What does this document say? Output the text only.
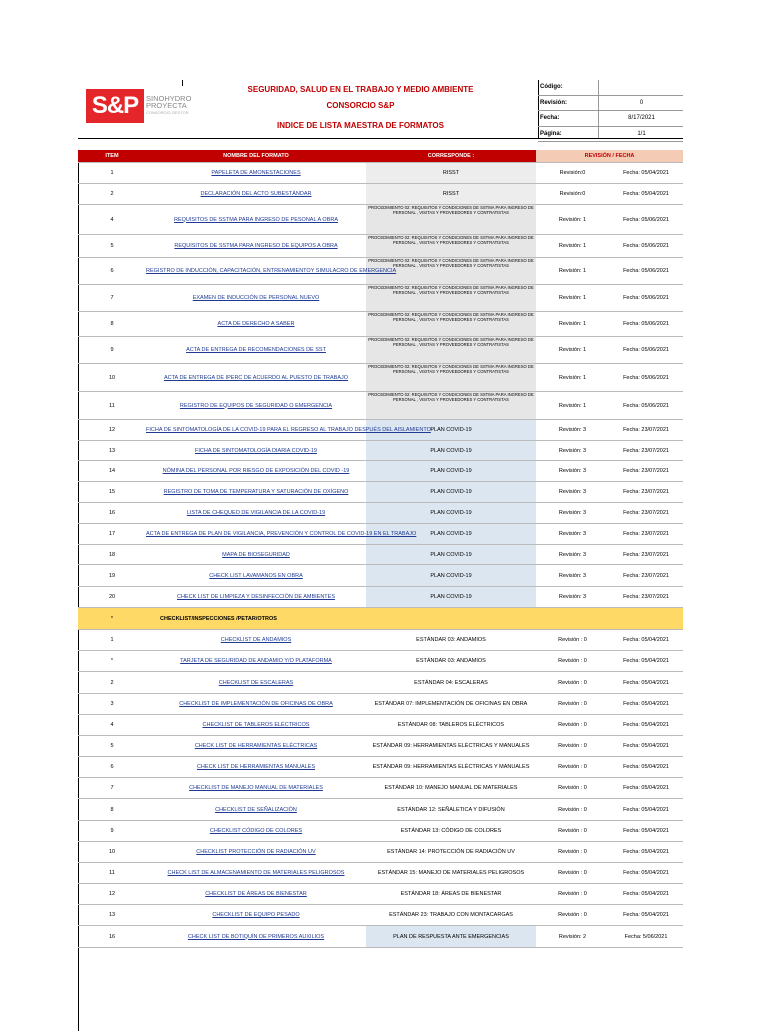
S&P	SINOHYDRO
PROYECTA
CONSORCIO GESTOR
SEGURIDAD, SALUD EN EL TRABAJO Y MEDIO AMBIENTE
CONSORCIO S&P
INDICE DE LISTA MAESTRA DE FORMATOS
Código:
Revisión:	0
Fecha:	8/17/2021
Página:	1/1
ITEM	NOMBRE DEL FORMATO	CORRESPONDE :	REVISIÓN / FECHA	
1	PAPELETA DE AMONESTACIONES	RISST	Revisión:0	Fecha: 05/04/2021
2	DECLARACIÓN DEL ACTO SUBESTÁNDAR	RISST	Revisión:0	Fecha: 05/04/2021
4	REQUISITOS DE SSTMA PARA INGRESO DE PESONAL A OBRA	PROCEDIMIENTO 02: REQUISITOS Y CONDICIONES DE SSTMA PARA INGRESO DE PERSONAL , VISITAS Y PROVEEDORES Y CONTRATISTAS	Revisión: 1	Fecha: 05/06/2021
5	REQUISITOS DE SSTMA PARA INGRESO DE EQUIPOS A OBRA	PROCEDIMIENTO 02: REQUISITOS Y CONDICIONES DE SSTMA PARA INGRESO DE PERSONAL , VISITAS Y PROVEEDORES Y CONTRATISTAS	Revisión: 1	Fecha: 05/06/2021
6	REGISTRO DE INDUCCIÓN, CAPACITACIÓN, ENTRENAMIENTOY SIMULACRO DE EMERGENCIA	PROCEDIMIENTO 02: REQUISITOS Y CONDICIONES DE SSTMA PARA INGRESO DE PERSONAL , VISITAS Y PROVEEDORES Y CONTRATISTAS	Revisión: 1	Fecha: 05/06/2021
7	EXAMEN DE INDUCCIÓN DE PERSONAL NUEVO	PROCEDIMIENTO 02: REQUISITOS Y CONDICIONES DE SSTMA PARA INGRESO DE PERSONAL , VISITAS Y PROVEEDORES Y CONTRATISTAS	Revisión: 1	Fecha: 05/06/2021
8	ACTA DE DERECHO A SABER	PROCEDIMIENTO 02: REQUISITOS Y CONDICIONES DE SSTMA PARA INGRESO DE PERSONAL , VISITAS Y PROVEEDORES Y CONTRATISTAS	Revisión: 1	Fecha: 05/06/2021
9	ACTA DE ENTREGA DE RECOMENDACIONES DE SST	PROCEDIMIENTO 02: REQUISITOS Y CONDICIONES DE SSTMA PARA INGRESO DE PERSONAL , VISITAS Y PROVEEDORES Y CONTRATISTAS	Revisión: 1	Fecha: 05/06/2021
10	ACTA DE ENTREGA DE IPERC DE ACUERDO AL PUESTO DE TRABAJO	PROCEDIMIENTO 02: REQUISITOS Y CONDICIONES DE SSTMA PARA INGRESO DE PERSONAL , VISITAS Y PROVEEDORES Y CONTRATISTAS	Revisión: 1	Fecha: 05/06/2021
11	REGISTRO DE EQUIPOS DE SEGURIDAD O EMERGENCIA	PROCEDIMIENTO 02: REQUISITOS Y CONDICIONES DE SSTMA PARA INGRESO DE PERSONAL , VISITAS Y PROVEEDORES Y CONTRATISTAS	Revisión: 1	Fecha: 05/06/2021
12	FICHA DE SINTOMATOLOGÍA DE LA COVID-19 PARA EL REGRESO AL TRABAJO DESPUÉS DEL AISLAMIENTO	PLAN COVID-19	Revisión: 3	Fecha: 23/07/2021
13	FICHA DE SINTOMATOLOGÍA DIARIA COVID-19	PLAN COVID-19	Revisión: 3	Fecha: 23/07/2021
14	NÓMINA DEL PERSONAL POR RIESGO DE EXPOSICIÓN DEL COVID -19	PLAN COVID-19	Revisión: 3	Fecha: 23/07/2021
15	REGISTRO DE TOMA DE TEMPERATURA Y SATURACIÓN DE OXÍGENO	PLAN COVID-19	Revisión: 3	Fecha: 23/07/2021
16	LISTA DE CHEQUEO DE VIGILANCIA DE LA COVID-19	PLAN COVID-19	Revisión: 3	Fecha: 23/07/2021
17	ACTA DE ENTREGA DE PLAN DE VIGILANCIA, PREVENCIÓN Y CONTROL DE COVID-19 EN EL TRABAJO	PLAN COVID-19	Revisión: 3	Fecha: 23/07/2021
18	MAPA DE BIOSEGURIDAD	PLAN COVID-19	Revisión: 3	Fecha: 23/07/2021
19	CHECK LIST LAVAMANOS EN OBRA	PLAN COVID-19	Revisión: 3	Fecha: 23/07/2021
20	CHECK LIST DE LIMPIEZA Y DESINFECCIÓN DE AMBIENTES	PLAN COVID-19	Revisión: 3	Fecha: 23/07/2021
*	CHECKLIST/INSPECCIONES /PETAR/OTROS			
1	CHECKLIST DE ANDAMIOS	ESTÁNDAR 03: ANDAMIOS	Revisión : 0	Fecha: 05/04/2021
*	TARJETA DE SEGURIDAD DE ANDAMIO Y/O PLATAFORMA	ESTÁNDAR 03: ANDAMIOS	Revisión : 0	Fecha: 05/04/2021
2	CHECKLIST DE ESCALERAS	ESTÁNDAR 04: ESCALERAS	Revisión : 0	Fecha: 05/04/2021
3	CHECKLIST DE IMPLEMENTACIÓN DE OFICINAS DE OBRA	ESTÁNDAR 07: IMPLEMENTACIÓN DE OFICINAS EN OBRA	Revisión : 0	Fecha: 05/04/2021
4	CHECKLIST DE TABLEROS ELÉCTRICOS	ESTÁNDAR 08: TABLEROS ELÉCTRICOS	Revisión : 0	Fecha: 05/04/2021
5	CHECK LIST DE HERRAMIENTAS ELÉCTRICAS	ESTÁNDAR 09: HERRAMIENTAS ELÉCTRICAS Y MANUALES	Revisión : 0	Fecha: 05/04/2021
6	CHECK LIST DE HERRAMIENTAS MANUALES	ESTÁNDAR 09: HERRAMIENTAS ELÉCTRICAS Y MANUALES	Revisión : 0	Fecha: 05/04/2021
7	CHECKLIST DE MANEJO MANUAL DE MATERIALES	ESTÁNDAR 10: MANEJO MANUAL DE MATERIALES	Revisión : 0	Fecha: 05/04/2021
8	CHECKLIST DE SEÑALIZACIÓN	ESTÁNDAR 12: SEÑALETICA Y DIFUSIÓN	Revisión : 0	Fecha: 05/04/2021
9	CHECKLIST CÓDIGO DE COLORES	ESTÁNDAR 13: CÓDIGO DE COLORES	Revisión : 0	Fecha: 05/04/2021
10	CHECKLIST PROTECCIÓN DE RADIACIÓN UV	ESTÁNDAR 14: PROTECCIÓN DE RADIACIÓN UV	Revisión : 0	Fecha: 05/04/2021
11	CHECK LIST DE ALMACENAMIENTO DE MATERIALES PELIGROSOS	ESTÁNDAR 15: MANEJO DE MATERIALES PELIGROSOS	Revisión : 0	Fecha: 05/04/2021
12	CHECKLIST DE ÁREAS DE BIENESTAR	ESTÁNDAR 18: ÁREAS DE BIENESTAR	Revisión : 0	Fecha: 05/04/2021
13	CHECKLIST DE EQUIPO PESADO	ESTÁNDAR 23: TRABAJO CON MONTACARGAS	Revisión : 0	Fecha: 05/04/2021
16	CHECK LIST DE BOTIQUÍN DE PRIMEROS AUXILIOS	PLAN DE RESPUESTA ANTE EMERGENCIAS	Revisión: 2	Fecha: 5/06/2021
